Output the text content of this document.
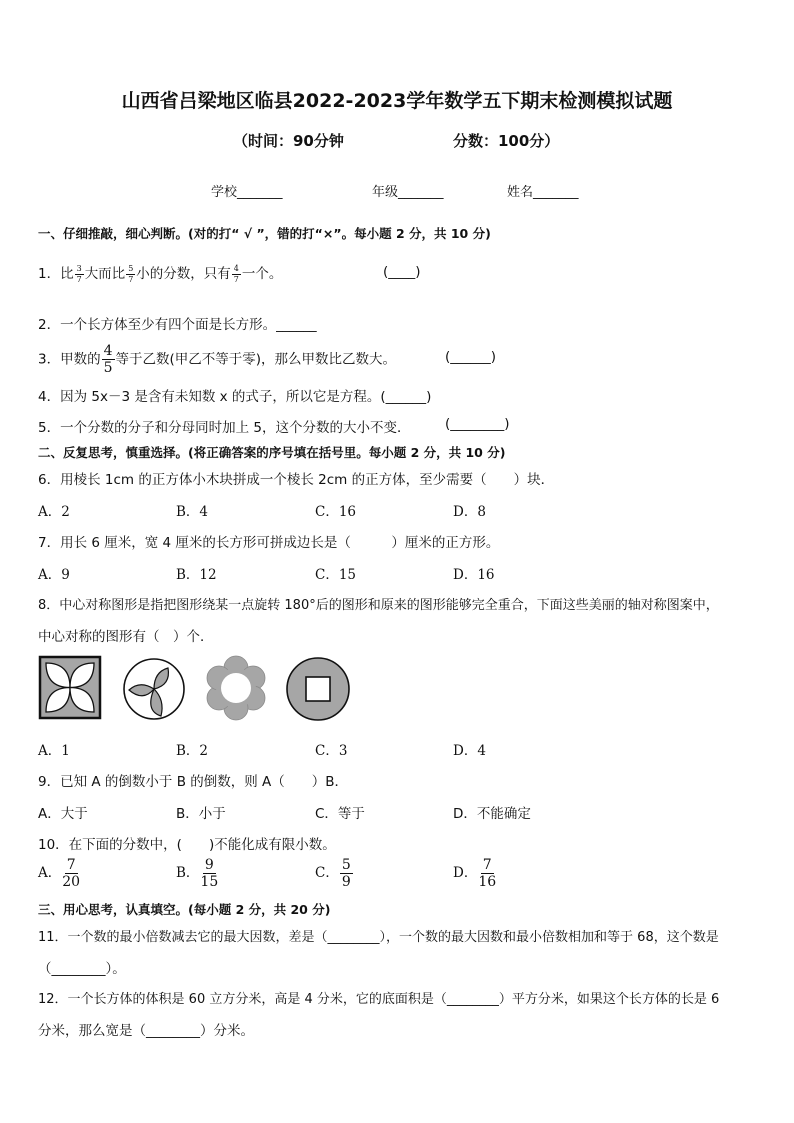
山西省吕梁地区临县2022-2023学年数学五下期末检测模拟试题
（时间：90分钟	分数：100分）
学校_______	年级_______	姓名_______
一、仔细推敲，细心判断。(对的打“ √ ”，错的打“×”。每小题 2 分，共 10 分)
1．比 $\frac{3}{7}$ 大而比 $\frac{5}{7}$ 小的分数，只有 $\frac{4}{7}$ 一个。	(____)
2．一个长方体至少有四个面是长方形。______
3．甲数的 $\frac{4}{5}$ 等于乙数(甲乙不等于零)，那么甲数比乙数大。	(______)
4．因为 5x－3 是含有未知数 x 的式子，所以它是方程。(______)
5．一个分数的分子和分母同时加上 5，这个分数的大小不变．	(________)
二、反复思考，慎重选择。(将正确答案的序号填在括号里。每小题 2 分，共 10 分)
6．用棱长 1cm 的正方体小木块拼成一个棱长 2cm 的正方体，至少需要（　　）块．
A．2	B．4	C．16	D．8
7．用长 6 厘米，宽 4 厘米的长方形可拼成边长是（　　　）厘米的正方形。
A．9	B．12	C．15	D．16
8．中心对称图形是指把图形绕某一点旋转 180°后的图形和原来的图形能够完全重合，下面这些美丽的轴对称图案中，
中心对称的图形有（　）个．
A．1	B．2	C．3	D．4
9．已知 A 的倒数小于 B 的倒数，则 A（　　）B．
A．大于	B．小于	C．等于	D．不能确定
10．在下面的分数中，(　　)不能化成有限小数。
A． $\frac{7}{20}$	B． $\frac{9}{15}$	C． $\frac{5}{9}$	D． $\frac{7}{16}$
三、用心思考，认真填空。(每小题 2 分，共 20 分)
11．一个数的最小倍数减去它的最大因数，差是（________），一个数的最大因数和最小倍数相加和等于 68，这个数是
（________）。
12．一个长方体的体积是 60 立方分米，高是 4 分米，它的底面积是（________）平方分米，如果这个长方体的长是 6
分米，那么宽是（________）分米。
